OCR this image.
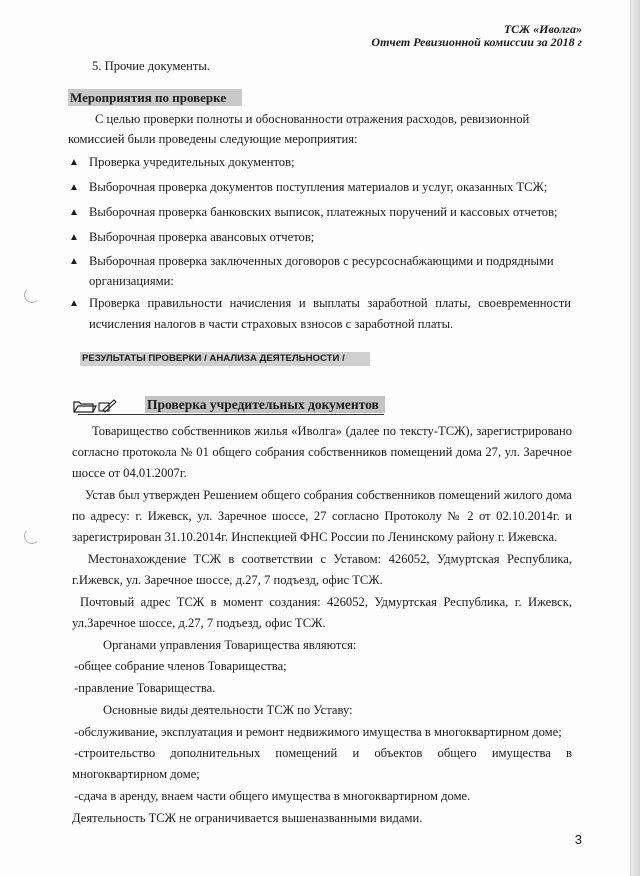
ТСЖ «Иволга»
Отчет Ревизионной комиссии за 2018 г
5. Прочие документы.
Мероприятия по проверке
С целью проверки полноты и обоснованности отражения расходов, ревизионной
комиссией были проведены следующие мероприятия:
▲ Проверка учредительных документов;
▲ Выборочная проверка документов поступления материалов и услуг, оказанных ТСЖ;
▲ Выборочная проверка банковских выписок, платежных поручений и кассовых отчетов;
▲ Выборочная проверка авансовых отчетов;
▲ Выборочная проверка заключенных договоров с ресурсоснабжающими и подрядными
организациями:
▲ Проверка правильности начисления и выплаты заработной платы, своевременности
исчисления налогов в части страховых взносов с заработной платы.
РЕЗУЛЬТАТЫ ПРОВЕРКИ / АНАЛИЗА ДЕЯТЕЛЬНОСТИ /
Проверка учредительных документов
Товарищество собственников жилья «Иволга» (далее по тексту-ТСЖ), зарегистрировано
согласно протокола № 01 общего собрания собственников помещений дома 27, ул. Заречное
шоссе от 04.01.2007г.
Устав был утвержден Решением общего собрания собственников помещений жилого дома
по адресу: г. Ижевск, ул. Заречное шоссе, 27 согласно Протоколу № 2 от 02.10.2014г. и
зарегистрирован 31.10.2014г. Инспекцией ФНС России по Ленинскому району г. Ижевска.
Местонахождение ТСЖ в соответствии с Уставом: 426052, Удмуртская Республика,
г.Ижевск, ул. Заречное шоссе, д.27, 7 подъезд, офис ТСЖ.
Почтовый адрес ТСЖ в момент создания: 426052, Удмуртская Республика, г. Ижевск,
ул.Заречное шоссе, д.27, 7 подъезд, офис ТСЖ.
Органами управления Товарищества являются:
-общее собрание членов Товарищества;
-правление Товарищества.
Основные виды деятельности ТСЖ по Уставу:
-обслуживание, эксплуатация и ремонт недвижимого имущества в многоквартирном доме;
-строительство дополнительных помещений и объектов общего имущества в
многоквартирном доме;
-сдача в аренду, внаем части общего имущества в многоквартирном доме.
Деятельность ТСЖ не ограничивается вышеназванными видами.
3
